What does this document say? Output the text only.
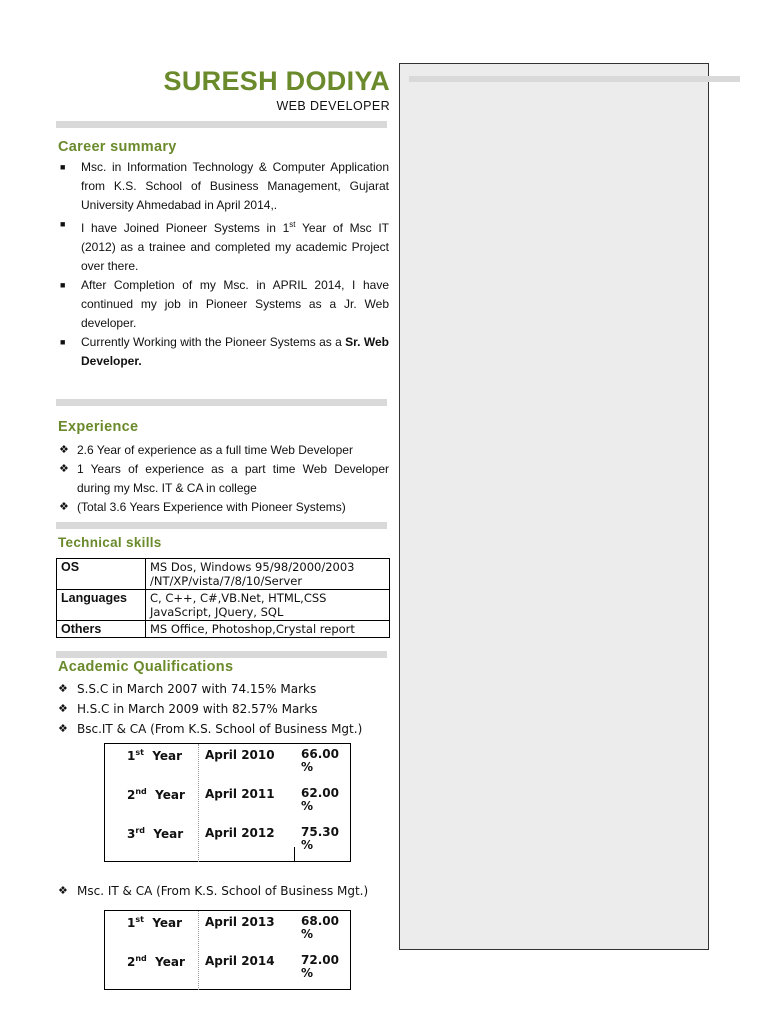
SURESH DODIYA
WEB DEVELOPER
Career summary
■ Msc. in Information Technology & Computer Application from K.S. School of Business Management, Gujarat University Ahmedabad in April 2014,.
■ I have Joined Pioneer Systems in 1st Year of Msc IT (2012) as a trainee and completed my academic Project over there.
■ After Completion of my Msc. in APRIL 2014, I have continued my job in Pioneer Systems as a Jr. Web developer.
■ Currently Working with the Pioneer Systems as a Sr. Web Developer.
Experience
❖ 2.6 Year of experience as a full time Web Developer
❖ 1 Years of experience as a part time Web Developer during my Msc. IT & CA in college
❖ (Total 3.6 Years Experience with Pioneer Systems)
Technical skills
OS	MS Dos, Windows 95/98/2000/2003
/NT/XP/vista/7/8/10/Server

Languages	C, C++, C#,VB.Net, HTML,CSS
JavaScript, JQuery, SQL

Others	MS Office, Photoshop,Crystal report
Academic Qualifications
❖ S.S.C in March 2007 with 74.15% Marks
❖ H.S.C in March 2009 with 82.57% Marks
❖ Bsc.IT & CA (From K.S. School of Business Mgt.)
1st Year April 2010 66.00
%
2nd Year April 2011 62.00
%
3rd Year April 2012 75.30
%
❖ Msc. IT & CA (From K.S. School of Business Mgt.)
1st Year April 2013 68.00
%
2nd Year April 2014 72.00
%
